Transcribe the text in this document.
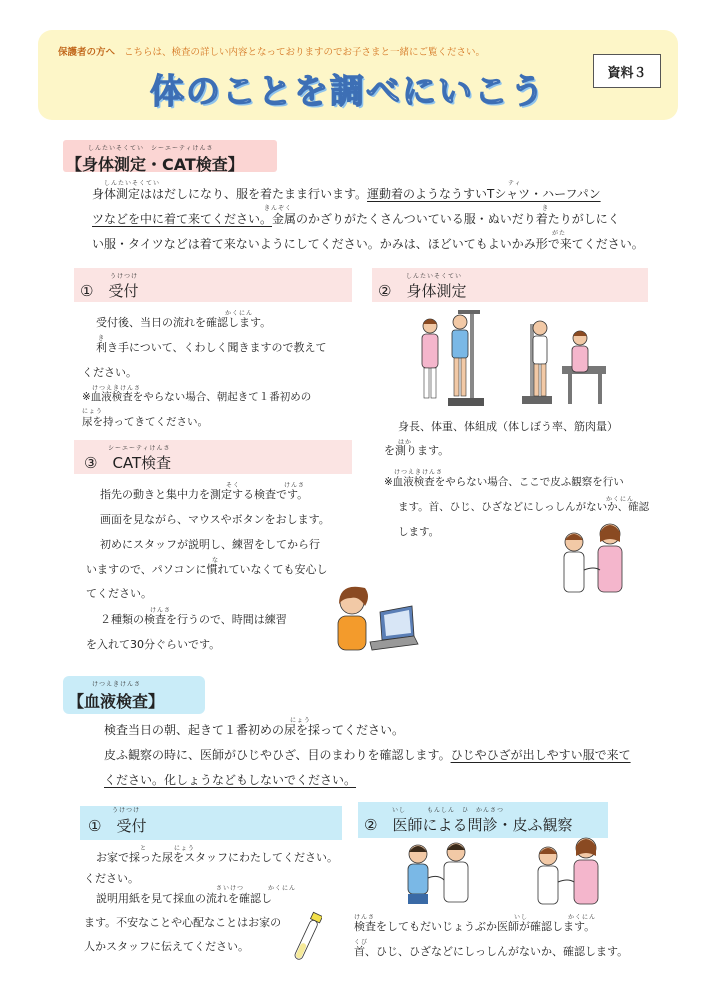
保護者の方へ こちらは、検査の詳しい内容となっておりますのでお子さまと一緒にご覧ください。
体のことを調べにいこう	資料３
しんたいそくてい　シーエーティけんさ
【身体測定・CAT検査】
しんたいそくてい	ティ
きんぞく	き
がた
身体測定ははだしになり、服を着たまま行います。運動着のようなうすいTシャツ・ハーフパン
ツなどを中に着て来てください。金属のかざりがたくさんついている服・ぬいだり着たりがしにく
い服・タイツなどは着て来ないようにしてください。かみは、ほどいてもよいかみ形で来てください。
うけつけ
①　受付
かくにん
き
けつえきけんさ
にょう
受付後、当日の流れを確認します。
利き手について、くわしく聞きますので教えて
ください。
※血液検査をやらない場合、朝起きて１番初めの
尿を持ってきてください。
しんたいそくてい
②　身体測定
身長、体重、体組成（体しぼう率、筋肉量）
はか
を測ります。
けつえきけんさ
※血液検査をやらない場合、ここで皮ふ観察を行い
かくにん
ます。首、ひじ、ひざなどにしっしんがないか、確認
します。
シーエーティけんさ
③　CAT検査
そく	けんさ
な
けんさ
指先の動きと集中力を測定する検査です。
画面を見ながら、マウスやボタンをおします。
初めにスタッフが説明し、練習をしてから行
いますので、パソコンに慣れていなくても安心し
てください。
２種類の検査を行うので、時間は練習
を入れて30分ぐらいです。
けつえきけんさ
【血液検査】
にょう
検査当日の朝、起きて１番初めの尿を採ってください。
皮ふ観察の時に、医師がひじやひざ、目のまわりを確認します。ひじやひざが出しやすい服で来て
ください。化しょうなどもしないでください。
うけつけ
①　受付
と	にょう
さいけつ	かくにん
お家で採った尿をスタッフにわたしてください。
ください。
説明用紙を見て採血の流れを確認し
ます。不安なことや心配なことはお家の
人かスタッフに伝えてください。
いし　　　もんしん　ひ　かんさつ
②　医師による問診・皮ふ観察
けんさ	いし	かくにん
くび
検査をしてもだいじょうぶか医師が確認します。
首、ひじ、ひざなどにしっしんがないか、確認します。
